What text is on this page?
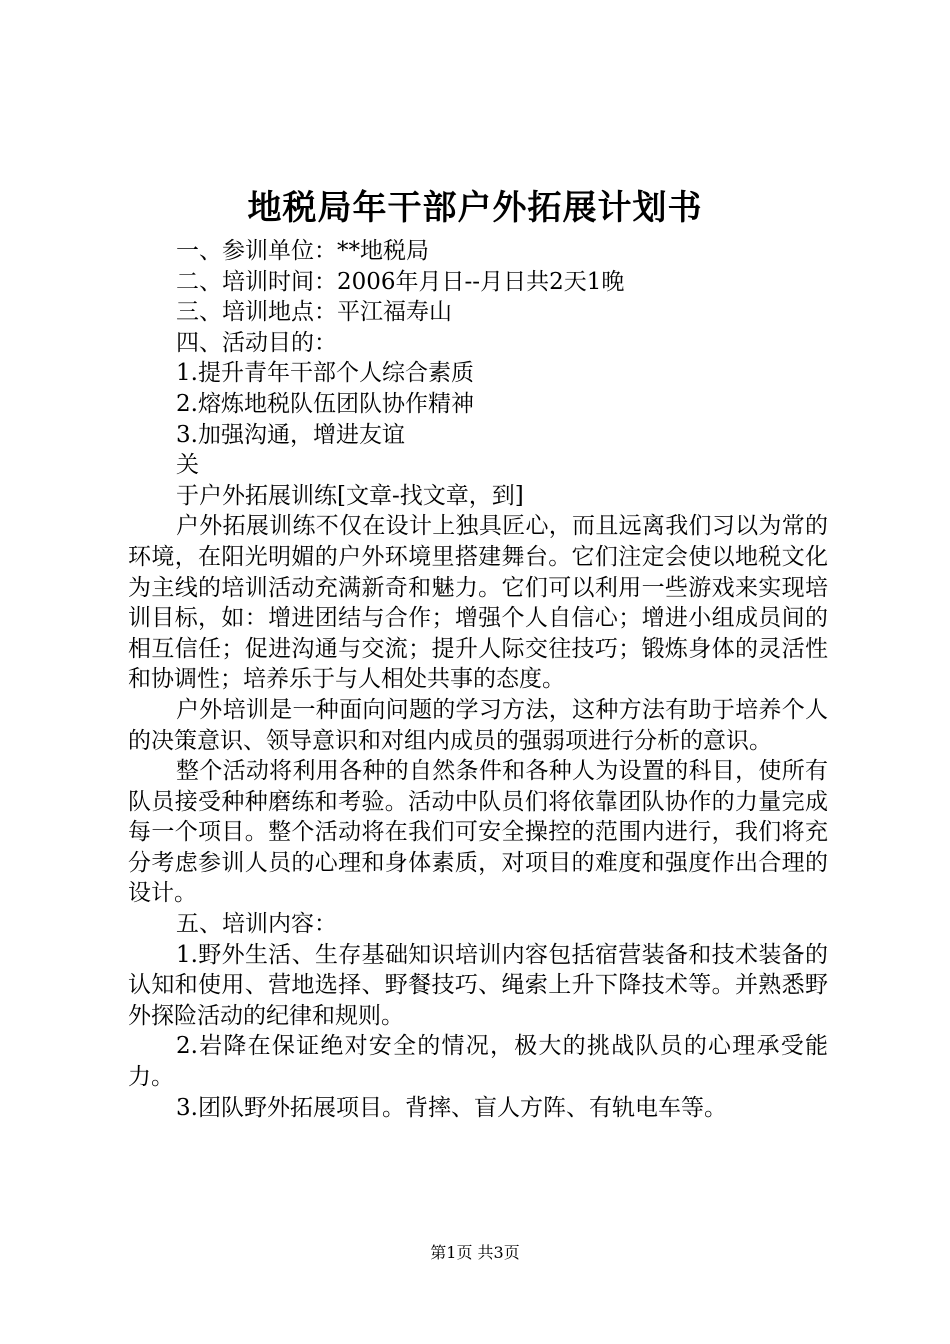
地税局年干部户外拓展计划书

一、参训单位：**地税局

二、培训时间：2006年月日--月日共2天1晚

三、培训地点：平江福寿山

四、活动目的：

1.提升青年干部个人综合素质

2.熔炼地税队伍团队协作精神

3.加强沟通，增进友谊

关

于户外拓展训练[文章-找文章，到]

户外拓展训练不仅在设计上独具匠心，而且远离我们习以为常的环境，在阳光明媚的户外环境里搭建舞台。它们注定会使以地税文化为主线的培训活动充满新奇和魅力。它们可以利用一些游戏来实现培训目标，如：增进团结与合作；增强个人自信心；增进小组成员间的相互信任；促进沟通与交流；提升人际交往技巧；锻炼身体的灵活性和协调性；培养乐于与人相处共事的态度。

户外培训是一种面向问题的学习方法，这种方法有助于培养个人的决策意识、领导意识和对组内成员的强弱项进行分析的意识。

整个活动将利用各种的自然条件和各种人为设置的科目，使所有队员接受种种磨练和考验。活动中队员们将依靠团队协作的力量完成每一个项目。整个活动将在我们可安全操控的范围内进行，我们将充分考虑参训人员的心理和身体素质，对项目的难度和强度作出合理的设计。

五、培训内容：

1.野外生活、生存基础知识培训内容包括宿营装备和技术装备的认知和使用、营地选择、野餐技巧、绳索上升下降技术等。并熟悉野外探险活动的纪律和规则。

2.岩降在保证绝对安全的情况，极大的挑战队员的心理承受能力。

3.团队野外拓展项目。背摔、盲人方阵、有轨电车等。

第1页 共3页
